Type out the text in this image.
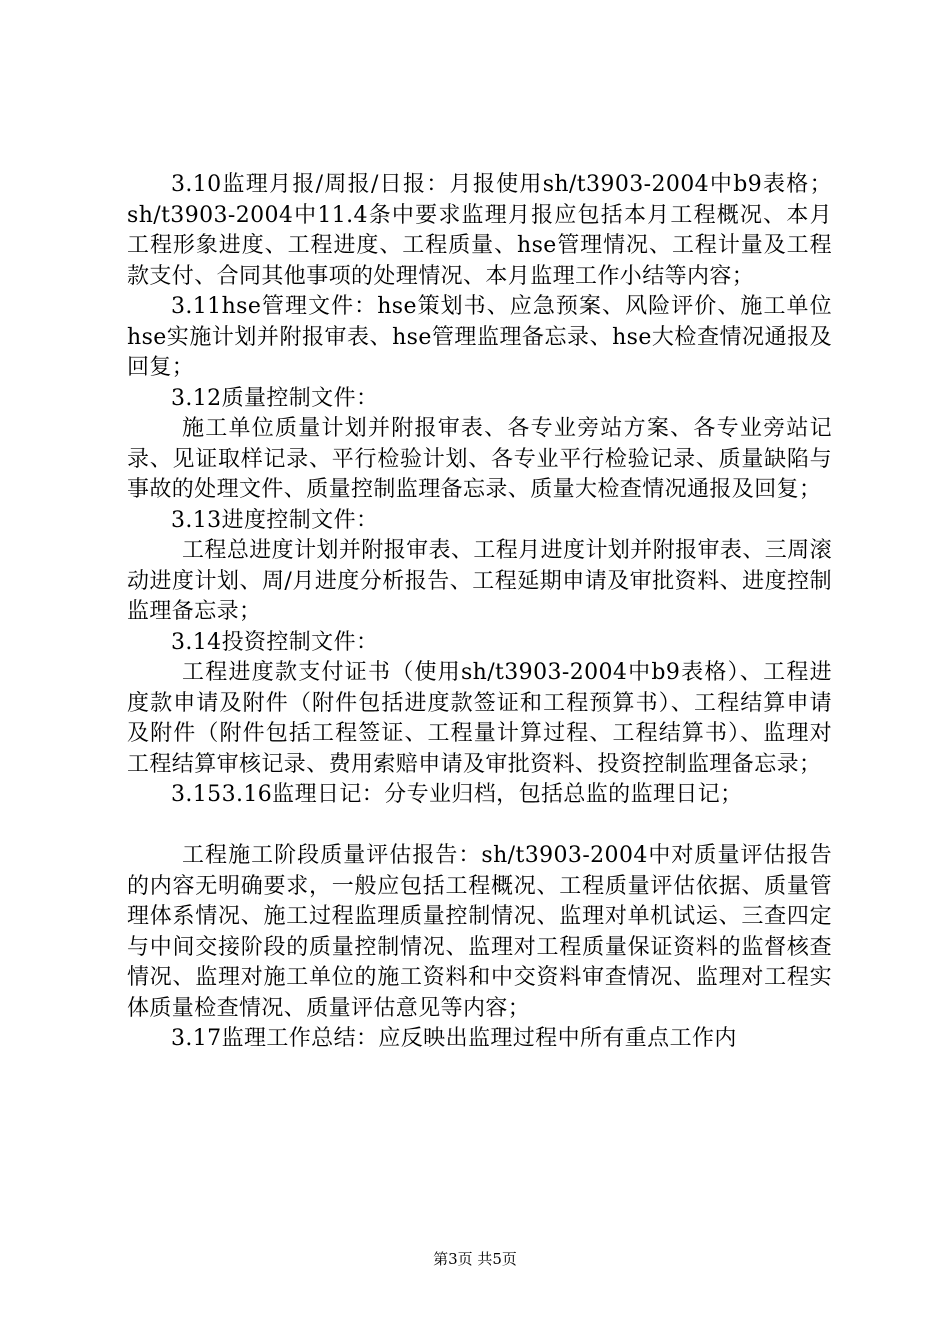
3.10监理月报/周报/日报：月报使用sh/t3903-2004中b9表格；sh/t3903-2004中11.4条中要求监理月报应包括本月工程概况、本月工程形象进度、工程进度、工程质量、hse管理情况、工程计量及工程款支付、合同其他事项的处理情况、本月监理工作小结等内容；

3.11hse管理文件：hse策划书、应急预案、风险评价、施工单位hse实施计划并附报审表、hse管理监理备忘录、hse大检查情况通报及回复；

3.12质量控制文件：

施工单位质量计划并附报审表、各专业旁站方案、各专业旁站记录、见证取样记录、平行检验计划、各专业平行检验记录、质量缺陷与事故的处理文件、质量控制监理备忘录、质量大检查情况通报及回复；

3.13进度控制文件：

工程总进度计划并附报审表、工程月进度计划并附报审表、三周滚动进度计划、周/月进度分析报告、工程延期申请及审批资料、进度控制监理备忘录；

3.14投资控制文件：

工程进度款支付证书（使用sh/t3903-2004中b9表格）、工程进度款申请及附件（附件包括进度款签证和工程预算书）、工程结算申请及附件（附件包括工程签证、工程量计算过程、工程结算书）、监理对工程结算审核记录、费用索赔申请及审批资料、投资控制监理备忘录；

3.153.16监理日记：分专业归档，包括总监的监理日记；

工程施工阶段质量评估报告：sh/t3903-2004中对质量评估报告的内容无明确要求，一般应包括工程概况、工程质量评估依据、质量管理体系情况、施工过程监理质量控制情况、监理对单机试运、三查四定与中间交接阶段的质量控制情况、监理对工程质量保证资料的监督核查情况、监理对施工单位的施工资料和中交资料审查情况、监理对工程实体质量检查情况、质量评估意见等内容；

3.17监理工作总结：应反映出监理过程中所有重点工作内

第3页 共5页
